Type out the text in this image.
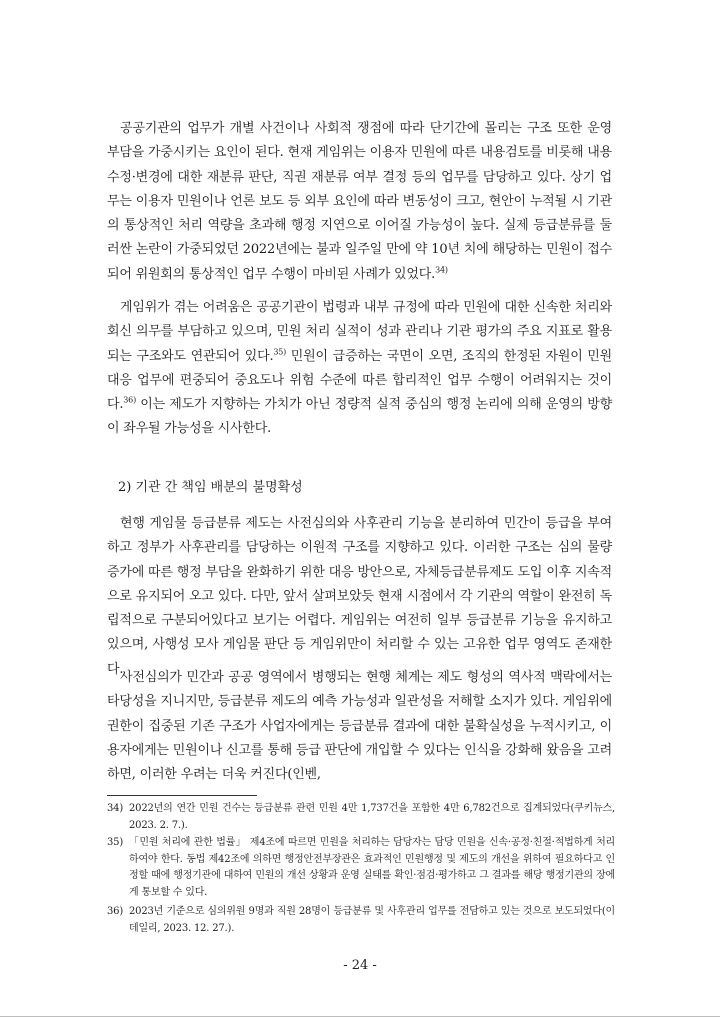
공공기관의 업무가 개별 사건이나 사회적 쟁점에 따라 단기간에 몰리는 구조 또한 운영 부담을 가중시키는 요인이 된다. 현재 게임위는 이용자 민원에 따른 내용검토를 비롯해 내용수정·변경에 대한 재분류 판단, 직권 재분류 여부 결정 등의 업무를 담당하고 있다. 상기 업무는 이용자 민원이나 언론 보도 등 외부 요인에 따라 변동성이 크고, 현안이 누적될 시 기관의 통상적인 처리 역량을 초과해 행정 지연으로 이어질 가능성이 높다. 실제 등급분류를 둘러싼 논란이 가중되었던 2022년에는 불과 일주일 만에 약 10년 치에 해당하는 민원이 접수되어 위원회의 통상적인 업무 수행이 마비된 사례가 있었다.$^{34)}$

게임위가 겪는 어려움은 공공기관이 법령과 내부 규정에 따라 민원에 대한 신속한 처리와 회신 의무를 부담하고 있으며, 민원 처리 실적이 성과 관리나 기관 평가의 주요 지표로 활용되는 구조와도 연관되어 있다.$^{35)}$ 민원이 급증하는 국면이 오면, 조직의 한정된 자원이 민원 대응 업무에 편중되어 중요도나 위험 수준에 따른 합리적인 업무 수행이 어려워지는 것이다.$^{36)}$ 이는 제도가 지향하는 가치가 아닌 정량적 실적 중심의 행정 논리에 의해 운영의 방향이 좌우될 가능성을 시사한다.

2) 기관 간 책임 배분의 불명확성

현행 게임물 등급분류 제도는 사전심의와 사후관리 기능을 분리하여 민간이 등급을 부여하고 정부가 사후관리를 담당하는 이원적 구조를 지향하고 있다. 이러한 구조는 심의 물량 증가에 따른 행정 부담을 완화하기 위한 대응 방안으로, 자체등급분류제도 도입 이후 지속적으로 유지되어 오고 있다. 다만, 앞서 살펴보았듯 현재 시점에서 각 기관의 역할이 완전히 독립적으로 구분되어있다고 보기는 어렵다. 게임위는 여전히 일부 등급분류 기능을 유지하고 있으며, 사행성 모사 게임물 판단 등 게임위만이 처리할 수 있는 고유한 업무 영역도 존재한다.

사전심의가 민간과 공공 영역에서 병행되는 현행 체계는 제도 형성의 역사적 맥락에서는 타당성을 지니지만, 등급분류 제도의 예측 가능성과 일관성을 저해할 소지가 있다. 게임위에 권한이 집중된 기존 구조가 사업자에게는 등급분류 결과에 대한 불확실성을 누적시키고, 이용자에게는 민원이나 신고를 통해 등급 판단에 개입할 수 있다는 인식을 강화해 왔음을 고려하면, 이러한 우려는 더욱 커진다(인벤,

34) 2022년의 연간 민원 건수는 등급분류 관련 민원 4만 1,737건을 포함한 4만 6,782건으로 집계되었다(쿠키뉴스, 2023. 2. 7.).
35) 「민원 처리에 관한 법률」 제4조에 따르면 민원을 처리하는 담당자는 담당 민원을 신속·공정·친절·적법하게 처리하여야 한다. 동법 제42조에 의하면 행정안전부장관은 효과적인 민원행정 및 제도의 개선을 위하여 필요하다고 인정할 때에 행정기관에 대하여 민원의 개선 상황과 운영 실태를 확인·점검·평가하고 그 결과를 해당 행정기관의 장에게 통보할 수 있다.
36) 2023년 기준으로 심의위원 9명과 직원 28명이 등급분류 및 사후관리 업무를 전담하고 있는 것으로 보도되었다(이데일리, 2023. 12. 27.).
- 24 -
